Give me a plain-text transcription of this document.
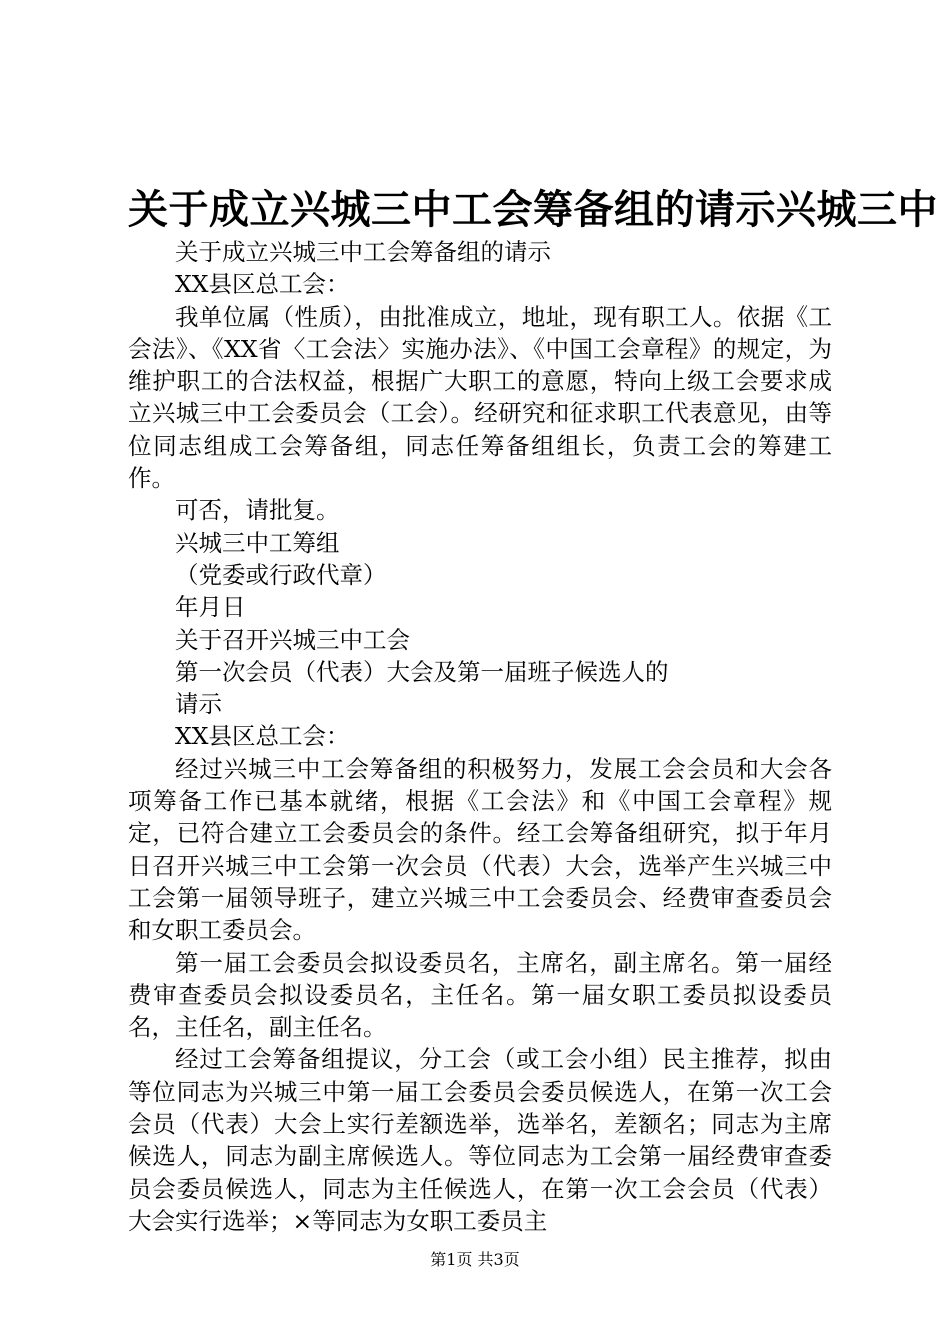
关于成立兴城三中工会筹备组的请示兴城三中

关于成立兴城三中工会筹备组的请示

XX县区总工会：

我单位属（性质），由批准成立，地址，现有职工人。依据《工会法》、《XX省〈工会法〉实施办法》、《中国工会章程》的规定，为维护职工的合法权益，根据广大职工的意愿，特向上级工会要求成立兴城三中工会委员会（工会）。经研究和征求职工代表意见，由等位同志组成工会筹备组，同志任筹备组组长，负责工会的筹建工作。

可否，请批复。

兴城三中工筹组

（党委或行政代章）

年月日

关于召开兴城三中工会

第一次会员（代表）大会及第一届班子候选人的

请示

XX县区总工会：

经过兴城三中工会筹备组的积极努力，发展工会会员和大会各项筹备工作已基本就绪，根据《工会法》和《中国工会章程》规定，已符合建立工会委员会的条件。经工会筹备组研究，拟于年月日召开兴城三中工会第一次会员（代表）大会，选举产生兴城三中工会第一届领导班子，建立兴城三中工会委员会、经费审查委员会和女职工委员会。

第一届工会委员会拟设委员名，主席名，副主席名。第一届经费审查委员会拟设委员名，主任名。第一届女职工委员拟设委员名，主任名，副主任名。

经过工会筹备组提议，分工会（或工会小组）民主推荐，拟由等位同志为兴城三中第一届工会委员会委员候选人，在第一次工会会员（代表）大会上实行差额选举，选举名，差额名；同志为主席候选人，同志为副主席候选人。等位同志为工会第一届经费审查委员会委员候选人，同志为主任候选人，在第一次工会会员（代表）大会实行选举；×等同志为女职工委员主

第1页 共3页
